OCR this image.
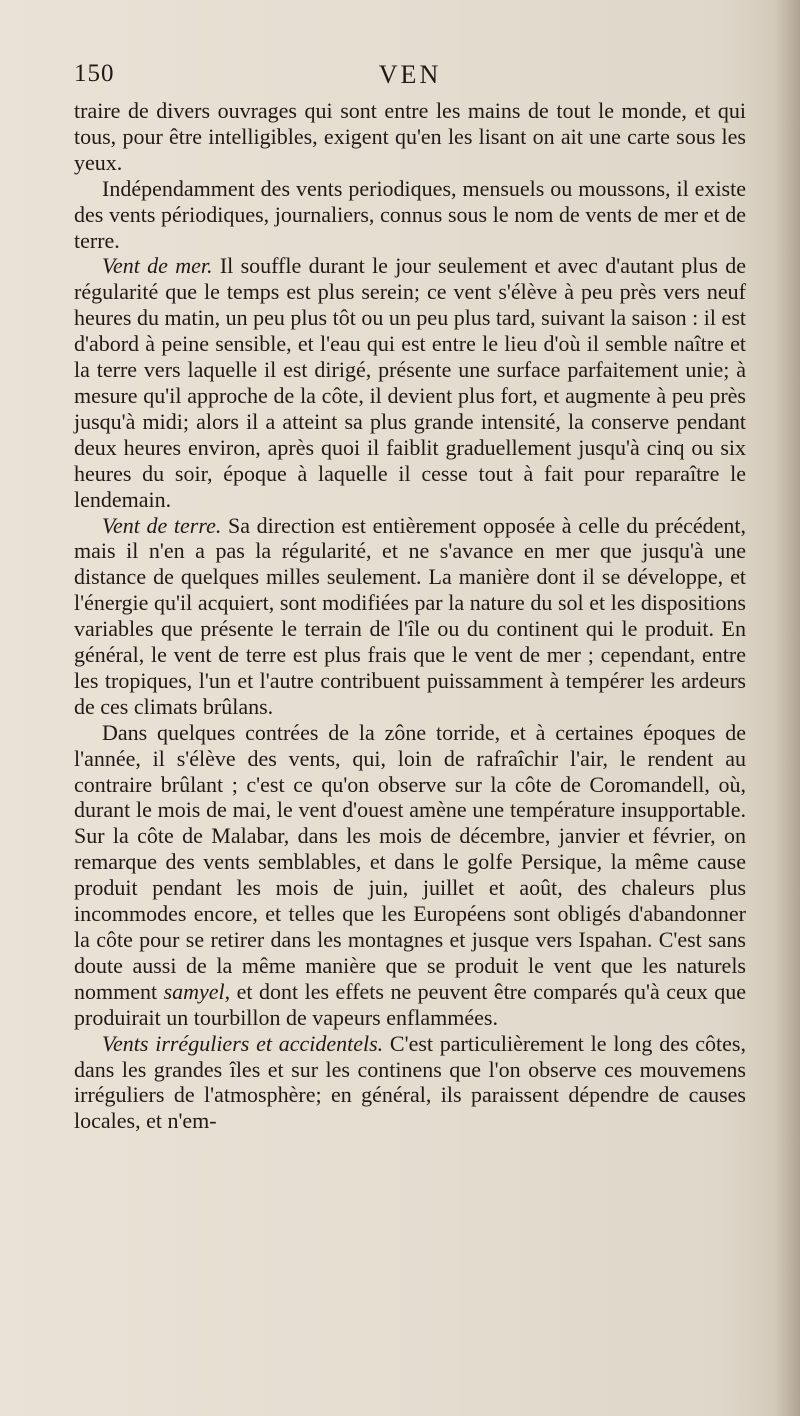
150	VEN

traire de divers ouvrages qui sont entre les mains de tout le monde, et qui tous, pour être intelligibles, exigent qu'en les lisant on ait une carte sous les yeux.

Indépendamment des vents periodiques, mensuels ou moussons, il existe des vents périodiques, journaliers, connus sous le nom de vents de mer et de terre.

Vent de mer. Il souffle durant le jour seulement et avec d'autant plus de régularité que le temps est plus serein; ce vent s'élève à peu près vers neuf heures du matin, un peu plus tôt ou un peu plus tard, suivant la saison : il est d'abord à peine sensible, et l'eau qui est entre le lieu d'où il semble naître et la terre vers laquelle il est dirigé, présente une surface parfaitement unie; à mesure qu'il approche de la côte, il devient plus fort, et augmente à peu près jusqu'à midi; alors il a atteint sa plus grande intensité, la conserve pendant deux heures environ, après quoi il faiblit graduellement jusqu'à cinq ou six heures du soir, époque à laquelle il cesse tout à fait pour reparaître le lendemain.

Vent de terre. Sa direction est entièrement opposée à celle du précédent, mais il n'en a pas la régularité, et ne s'avance en mer que jusqu'à une distance de quelques milles seulement. La manière dont il se développe, et l'énergie qu'il acquiert, sont modifiées par la nature du sol et les dispositions variables que présente le terrain de l'île ou du continent qui le produit. En général, le vent de terre est plus frais que le vent de mer ; cependant, entre les tropiques, l'un et l'autre contribuent puissamment à tempérer les ardeurs de ces climats brûlans.

Dans quelques contrées de la zône torride, et à certaines époques de l'année, il s'élève des vents, qui, loin de rafraîchir l'air, le rendent au contraire brûlant ; c'est ce qu'on observe sur la côte de Coromandell, où, durant le mois de mai, le vent d'ouest amène une température insupportable. Sur la côte de Malabar, dans les mois de décembre, janvier et février, on remarque des vents semblables, et dans le golfe Persique, la même cause produit pendant les mois de juin, juillet et août, des chaleurs plus incommodes encore, et telles que les Européens sont obligés d'abandonner la côte pour se retirer dans les montagnes et jusque vers Ispahan. C'est sans doute aussi de la même manière que se produit le vent que les naturels nomment samyel, et dont les effets ne peuvent être comparés qu'à ceux que produirait un tourbillon de vapeurs enflammées.

Vents irréguliers et accidentels. C'est particulièrement le long des côtes, dans les grandes îles et sur les continens que l'on observe ces mouvemens irréguliers de l'atmosphère; en général, ils paraissent dépendre de causes locales, et n'em-
